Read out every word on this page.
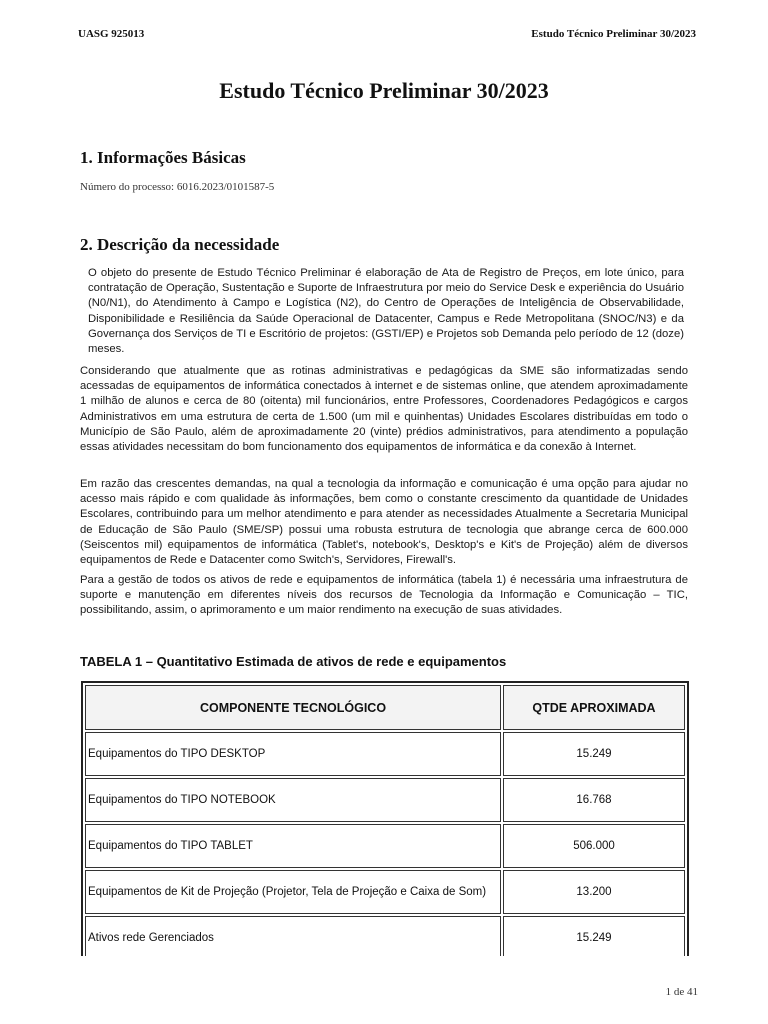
UASG 925013	Estudo Técnico Preliminar 30/2023
Estudo Técnico Preliminar 30/2023
1. Informações Básicas
Número do processo: 6016.2023/0101587-5
2. Descrição da necessidade

O objeto do presente de Estudo Técnico Preliminar é elaboração de Ata de Registro de Preços, em lote único, para contratação de Operação, Sustentação e Suporte de Infraestrutura por meio do Service Desk e experiência do Usuário (N0/N1), do Atendimento à Campo e Logística (N2), do Centro de Operações de Inteligência de Observabilidade, Disponibilidade e Resiliência da Saúde Operacional de Datacenter, Campus e Rede Metropolitana (SNOC/N3) e da Governança dos Serviços de TI e Escritório de projetos: (GSTI/EP) e Projetos sob Demanda pelo período de 12 (doze) meses.

Considerando que atualmente que as rotinas administrativas e pedagógicas da SME são informatizadas sendo acessadas de equipamentos de informática conectados à internet e de sistemas online, que atendem aproximadamente 1 milhão de alunos e cerca de 80 (oitenta) mil funcionários, entre Professores, Coordenadores Pedagógicos e cargos Administrativos em uma estrutura de certa de 1.500 (um mil e quinhentas) Unidades Escolares distribuídas em todo o Município de São Paulo, além de aproximadamente 20 (vinte) prédios administrativos, para atendimento a população essas atividades necessitam do bom funcionamento dos equipamentos de informática e da conexão à Internet.

Em razão das crescentes demandas, na qual a tecnologia da informação e comunicação é uma opção para ajudar no acesso mais rápido e com qualidade às informações, bem como o constante crescimento da quantidade de Unidades Escolares, contribuindo para um melhor atendimento e para atender as necessidades Atualmente a Secretaria Municipal de Educação de São Paulo (SME/SP) possui uma robusta estrutura de tecnologia que abrange cerca de 600.000 (Seiscentos mil) equipamentos de informática (Tablet's, notebook's, Desktop's e Kit's de Projeção) além de diversos equipamentos de Rede e Datacenter como Switch's, Servidores, Firewall's.

Para a gestão de todos os ativos de rede e equipamentos de informática (tabela 1) é necessária uma infraestrutura de suporte e manutenção em diferentes níveis dos recursos de Tecnologia da Informação e Comunicação – TIC, possibilitando, assim, o aprimoramento e um maior rendimento na execução de suas atividades.

TABELA 1 – Quantitativo Estimada de ativos de rede e equipamentos
COMPONENTE TECNOLÓGICO	QTDE APROXIMADA
Equipamentos do TIPO DESKTOP	15.249
Equipamentos do TIPO NOTEBOOK	16.768
Equipamentos do TIPO TABLET	506.000
Equipamentos de Kit de Projeção (Projetor, Tela de Projeção e Caixa de Som)	13.200
Ativos rede Gerenciados	15.249

1 de 41
